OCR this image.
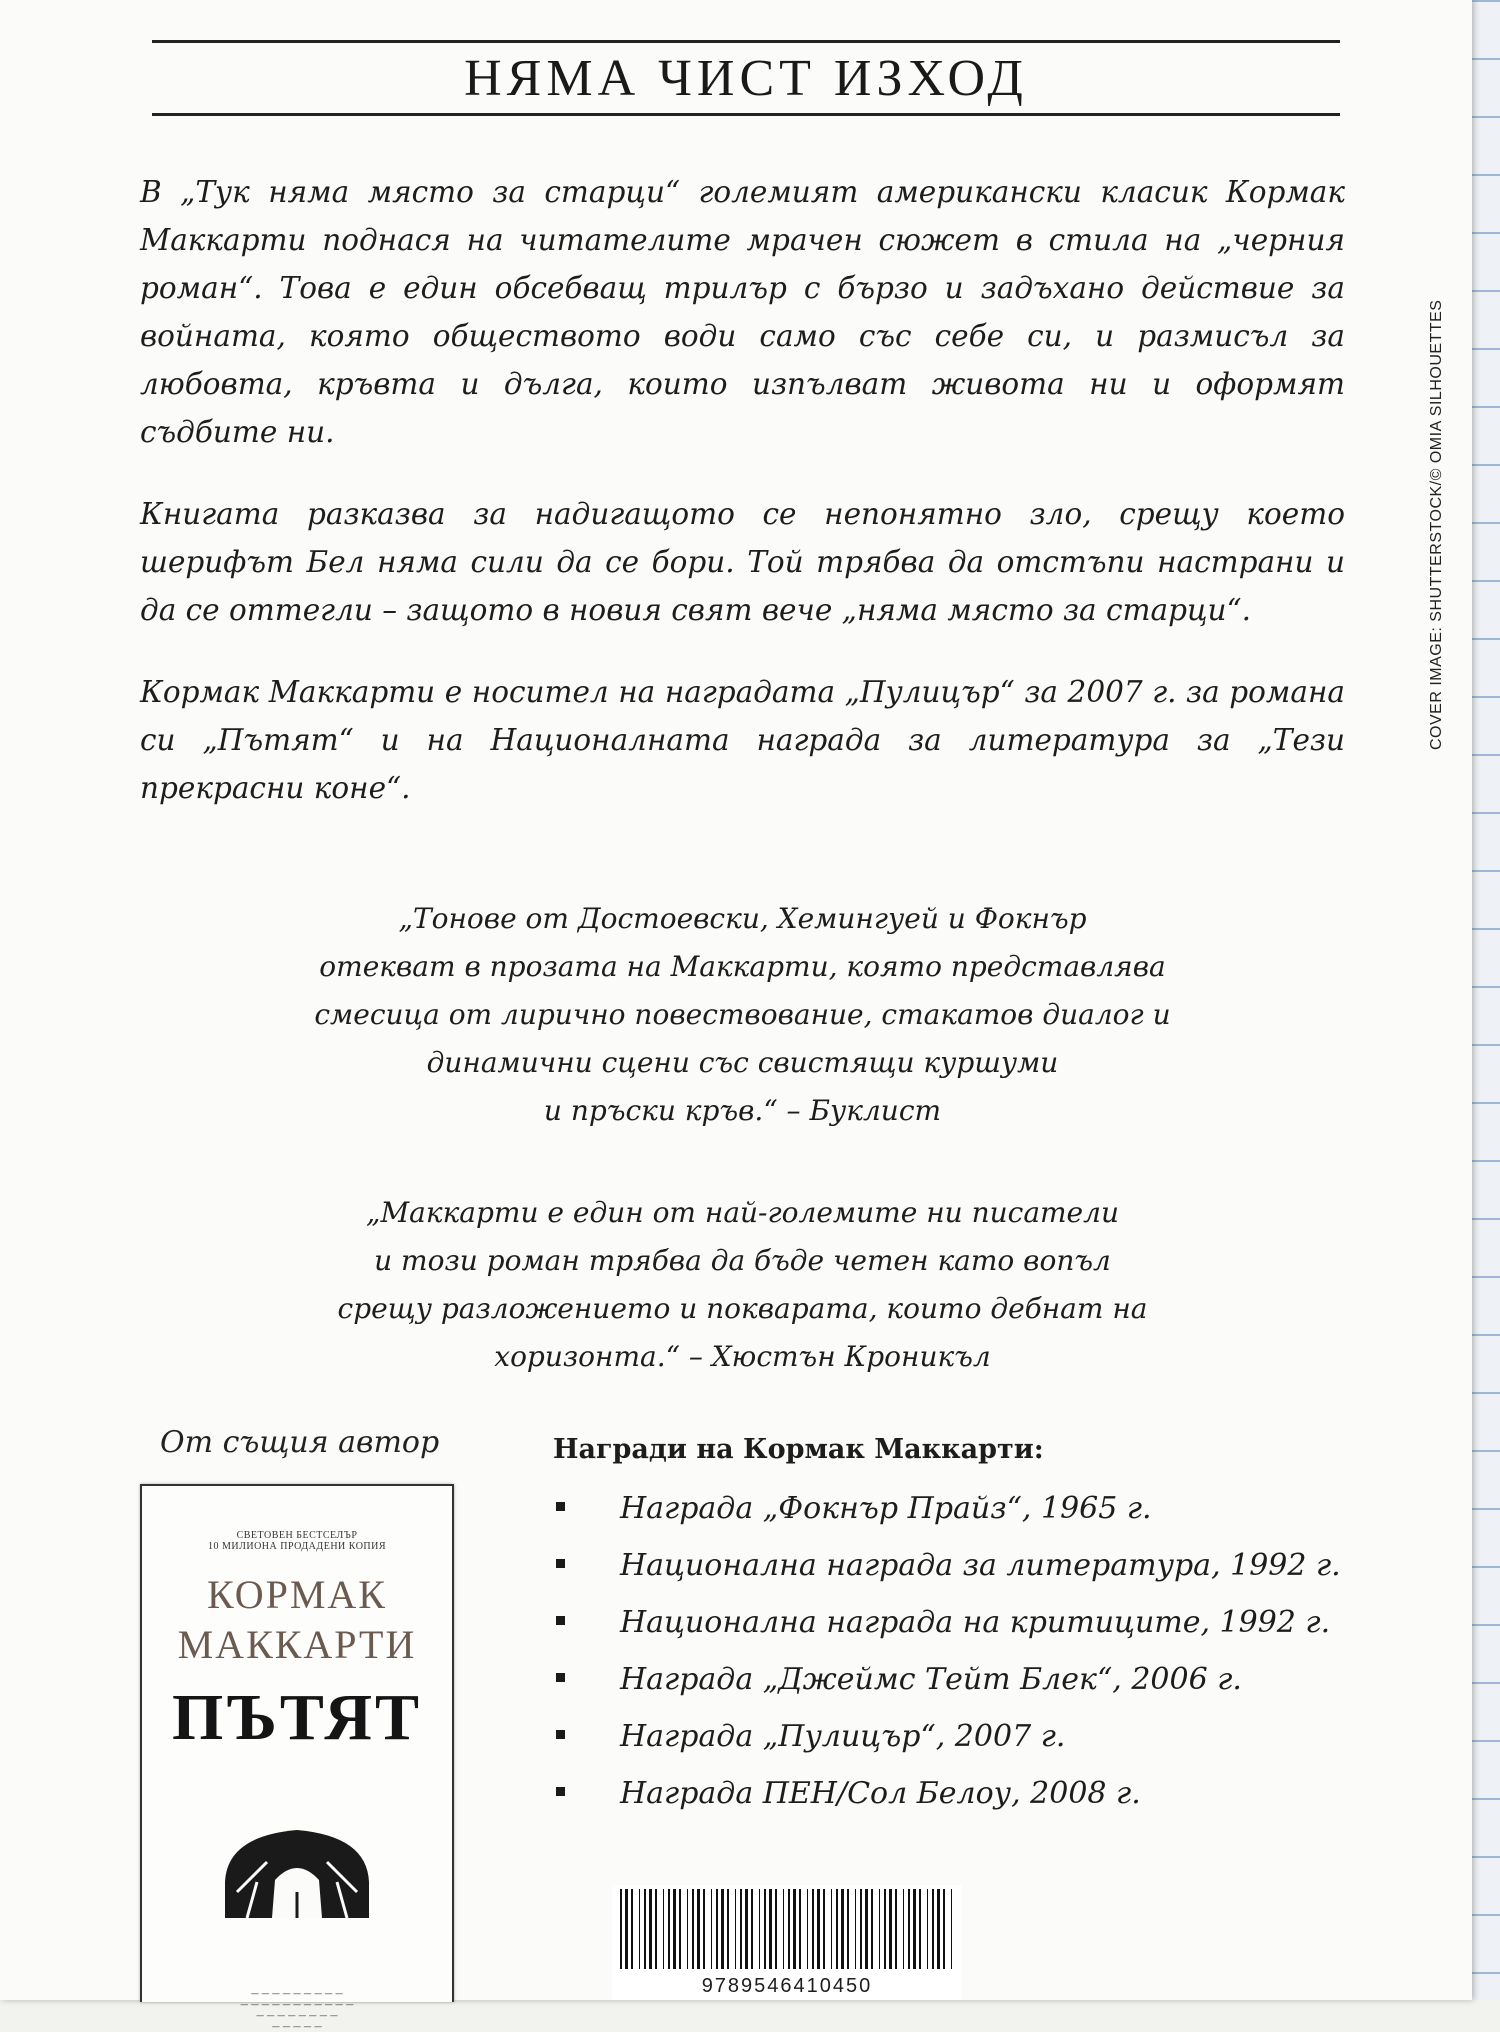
НЯМА ЧИСТ ИЗХОД

В „Тук няма място за старци“ големият американски класик Кормак Маккарти поднася на читателите мрачен сюжет в стила на „черния роман“. Това е един обсебващ трилър с бързо и задъхано действие за войната, която обществото води само със себе си, и размисъл за любовта, кръвта и дълга, които изпълват живота ни и оформят съдбите ни.

Книгата разказва за надигащото се непонятно зло, срещу което шерифът Бел няма сили да се бори. Той трябва да отстъпи настрани и да се оттегли – защото в новия свят вече „няма място за старци“.

Кормак Маккарти е носител на наградата „Пулицър“ за 2007 г. за романа си „Пътят“ и на Националната награда за литература за „Тези прекрасни коне“.

„Тонове от Достоевски, Хемингуей и Фокнър
отекват в прозата на Маккарти, която представлява
смесица от лирично повествование, стакатов диалог и
динамични сцени със свистящи куршуми
и пръски кръв.“ – Буклист
„Маккарти е един от най-големите ни писатели
и този роман трябва да бъде четен като вопъл
срещу разложението и покварата, които дебнат на
хоризонта.“ – Хюстън Кроникъл
COVER IMAGE: SHUTTERSTOCK/© OMIA SILHOUETTES
От същия автор
СВЕТОВЕН БЕСТСЕЛЪР
10 МИЛИОНА ПРОДАДЕНИ КОПИЯ
КОРМАК
МАККАРТИ
ПЪТЯТ
— — — — — — — — —
— — — — — — — — — — —
— — — — — — — —
— — — — —
Награди на Кормак Маккарти:
Награда „Фокнър Прайз“, 1965 г.
Национална награда за литература, 1992 г.
Национална награда на критиците, 1992 г.
Награда „Джеймс Тейт Блек“, 2006 г.
Награда „Пулицър“, 2007 г.
Награда ПЕН/Сол Белоу, 2008 г.
9789546410450
